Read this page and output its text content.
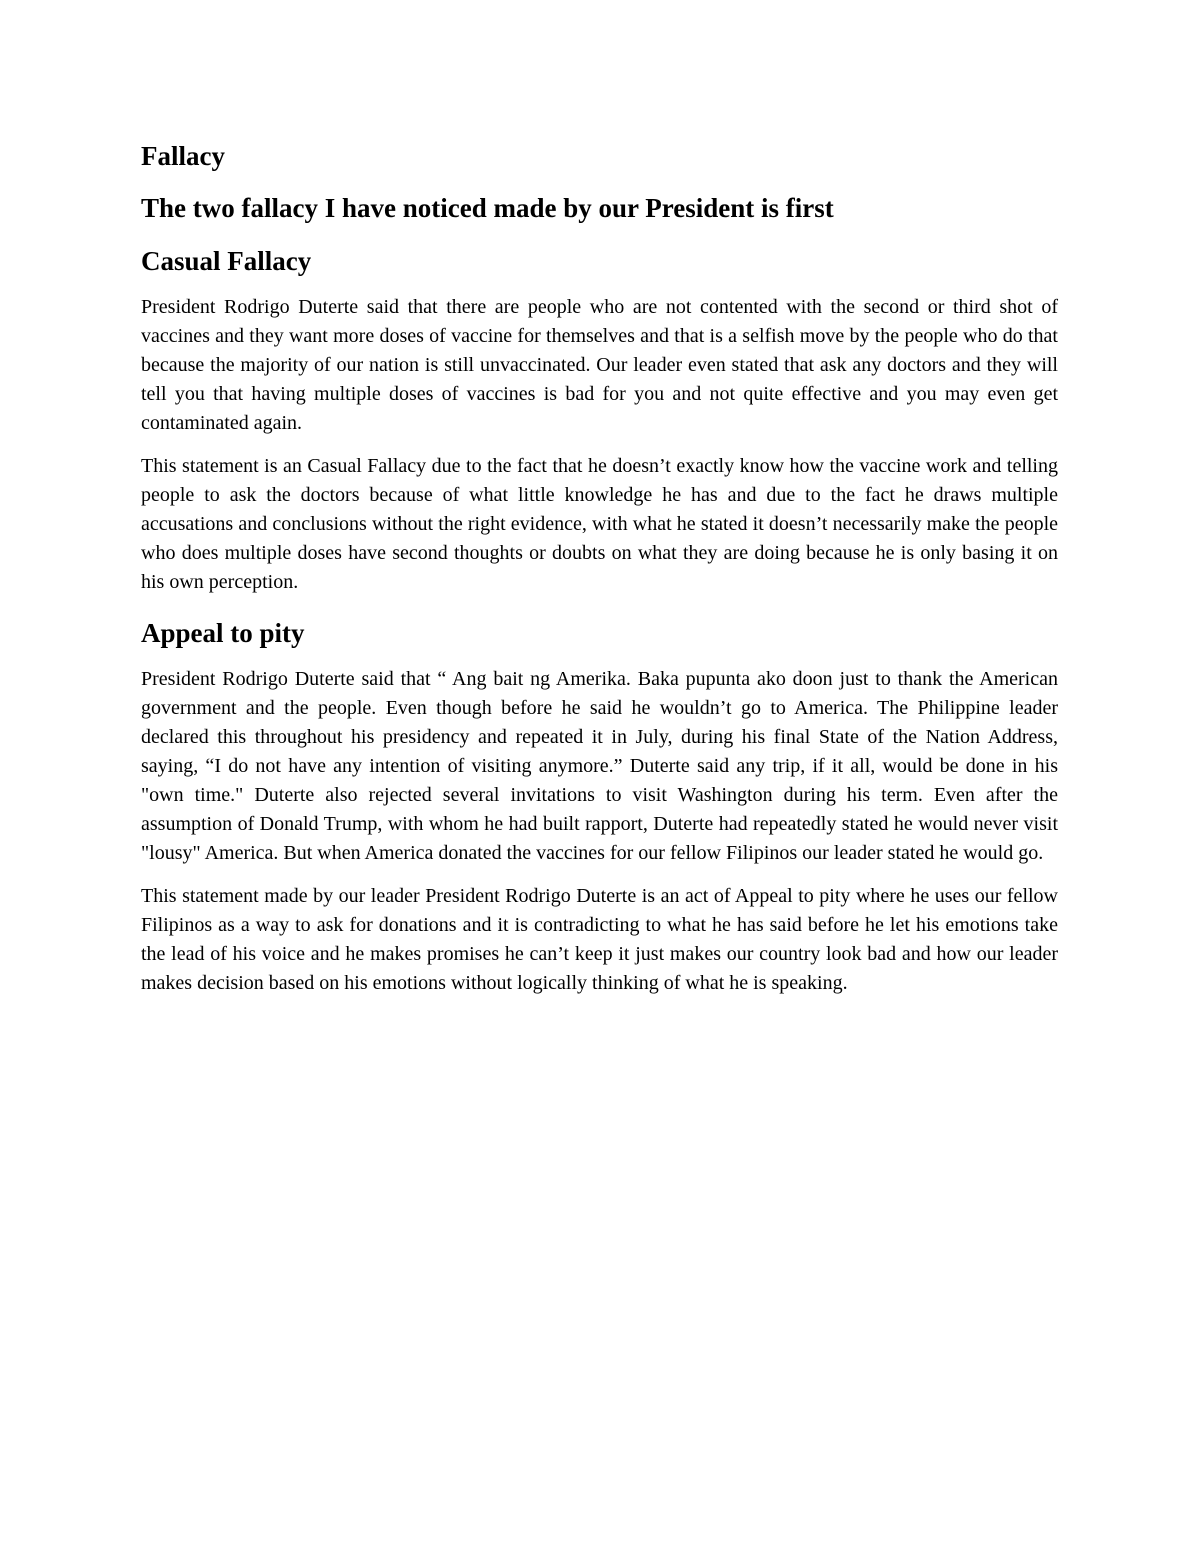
Fallacy
The two fallacy I have noticed made by our President is first
Casual Fallacy

President Rodrigo Duterte said that there are people who are not contented with the second or third shot of vaccines and they want more doses of vaccine for themselves and that is a selfish move by the people who do that because the majority of our nation is still unvaccinated. Our leader even stated that ask any doctors and they will tell you that having multiple doses of vaccines is bad for you and not quite effective and you may even get contaminated again.

This statement is an Casual Fallacy due to the fact that he doesn’t exactly know how the vaccine work and telling people to ask the doctors because of what little knowledge he has and due to the fact he draws multiple accusations and conclusions without the right evidence, with what he stated it doesn’t necessarily make the people who does multiple doses have second thoughts or doubts on what they are doing because he is only basing it on his own perception.

Appeal to pity

President Rodrigo Duterte said that “ Ang bait ng Amerika. Baka pupunta ako doon just to thank the American government and the people. Even though before he said he wouldn’t go to America. The Philippine leader declared this throughout his presidency and repeated it in July, during his final State of the Nation Address, saying, “I do not have any intention of visiting anymore.” Duterte said any trip, if it all, would be done in his "own time." Duterte also rejected several invitations to visit Washington during his term. Even after the assumption of Donald Trump, with whom he had built rapport, Duterte had repeatedly stated he would never visit "lousy" America. But when America donated the vaccines for our fellow Filipinos our leader stated he would go.

This statement made by our leader President Rodrigo Duterte is an act of Appeal to pity where he uses our fellow Filipinos as a way to ask for donations and it is contradicting to what he has said before he let his emotions take the lead of his voice and he makes promises he can’t keep it just makes our country look bad and how our leader makes decision based on his emotions without logically thinking of what he is speaking.
